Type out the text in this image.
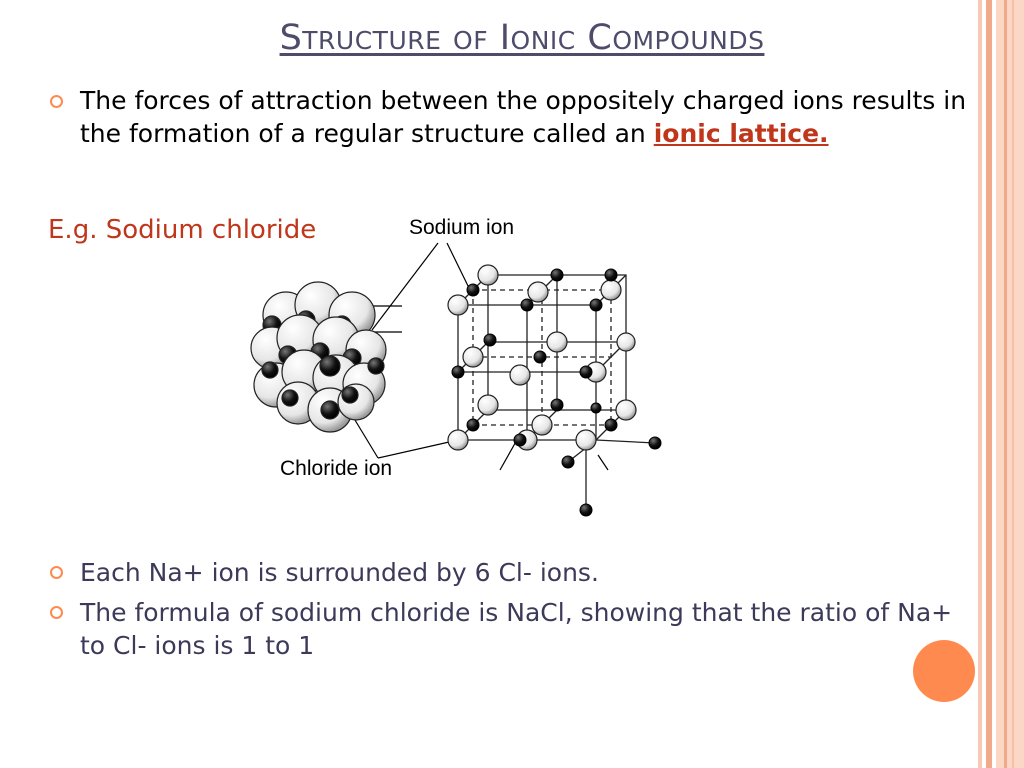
Structure of Ionic Compounds
The forces of attraction between the oppositely charged ions results in the formation of a regular structure called an ionic lattice.
E.g. Sodium chloride	Sodium ion
Chloride ion
Each Na+ ion is surrounded by 6 Cl- ions.
The formula of sodium chloride is NaCl, showing that the ratio of Na+ to Cl- ions is 1 to 1
